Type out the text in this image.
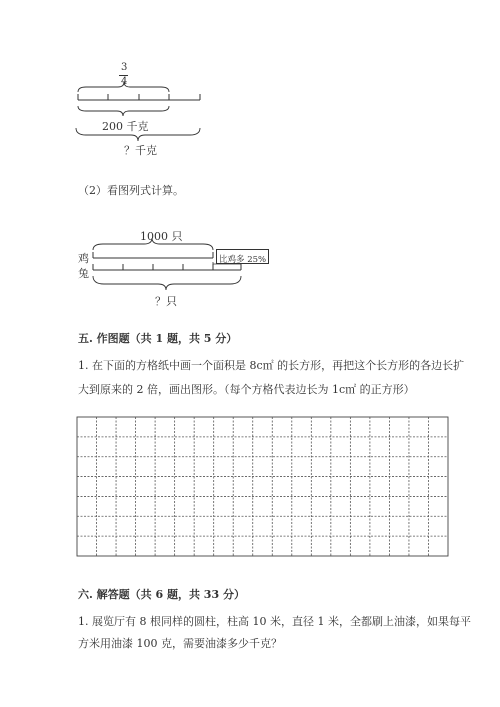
3
4
200 千克
？千克
（2）看图列式计算。
1000 只
鸡
兔
比鸡多 25%
？只
五. 作图题（共 1 题，共 5 分）
1. 在下面的方格纸中画一个面积是 8c㎡ 的长方形，再把这个长方形的各边长扩
大到原来的 2 倍，画出图形。（每个方格代表边长为 1c㎡ 的正方形）
六. 解答题（共 6 题，共 33 分）
1. 展览厅有 8 根同样的圆柱，柱高 10 米，直径 1 米，全都刷上油漆，如果每平
方米用油漆 100 克，需要油漆多少千克？
